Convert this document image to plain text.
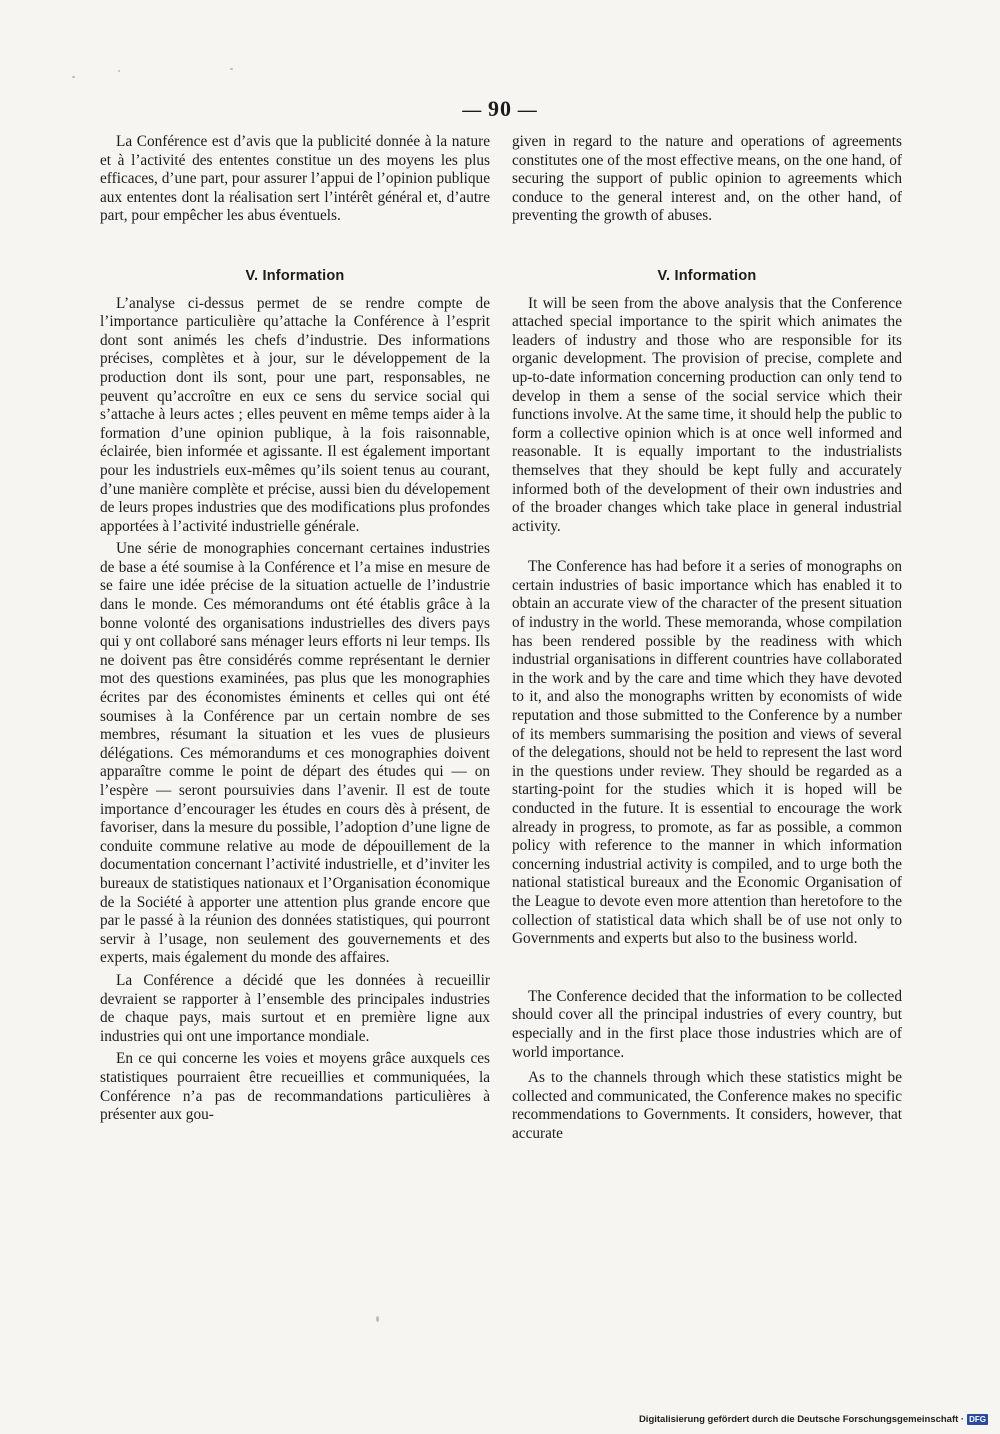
— 90 —

La Conférence est d’avis que la publicité donnée à la nature et à l’activité des ententes constitue un des moyens les plus efficaces, d’une part, pour assurer l’appui de l’opinion publique aux ententes dont la réalisation sert l’intérêt général et, d’autre part, pour empêcher les abus éventuels.

V. Information

L’analyse ci-dessus permet de se rendre compte de l’importance particulière qu’attache la Conférence à l’esprit dont sont animés les chefs d’industrie. Des informations précises, complètes et à jour, sur le développement de la production dont ils sont, pour une part, responsables, ne peuvent qu’accroître en eux ce sens du service social qui s’attache à leurs actes ; elles peuvent en même temps aider à la formation d’une opinion publique, à la fois raisonnable, éclairée, bien informée et agissante. Il est également important pour les industriels eux-mêmes qu’ils soient tenus au courant, d’une manière complète et précise, aussi bien du dévelopement de leurs propes industries que des modifications plus profondes apportées à l’activité industrielle générale.

Une série de monographies concernant certaines industries de base a été soumise à la Conférence et l’a mise en mesure de se faire une idée précise de la situation actuelle de l’industrie dans le monde. Ces mémorandums ont été établis grâce à la bonne volonté des organisations industrielles des divers pays qui y ont collaboré sans ménager leurs efforts ni leur temps. Ils ne doivent pas être considérés comme représentant le dernier mot des questions examinées, pas plus que les monographies écrites par des économistes éminents et celles qui ont été soumises à la Conférence par un certain nombre de ses membres, résumant la situation et les vues de plusieurs délégations. Ces mémorandums et ces monographies doivent apparaître comme le point de départ des études qui — on l’espère — seront poursuivies dans l’avenir. Il est de toute importance d’encourager les études en cours dès à présent, de favoriser, dans la mesure du possible, l’adoption d’une ligne de conduite commune relative au mode de dépouillement de la documentation concernant l’activité industrielle, et d’inviter les bureaux de statistiques nationaux et l’Organisation économique de la Société à apporter une attention plus grande encore que par le passé à la réunion des données statistiques, qui pourront servir à l’usage, non seulement des gouvernements et des experts, mais également du monde des affaires.

La Conférence a décidé que les données à recueillir devraient se rapporter à l’ensemble des principales industries de chaque pays, mais surtout et en première ligne aux industries qui ont une importance mondiale.

En ce qui concerne les voies et moyens grâce auxquels ces statistiques pourraient être recueillies et communiquées, la Conférence n’a pas de recommandations particulières à présenter aux gou-

given in regard to the nature and operations of agreements constitutes one of the most effective means, on the one hand, of securing the support of public opinion to agreements which conduce to the general interest and, on the other hand, of preventing the growth of abuses.

V. Information

It will be seen from the above analysis that the Conference attached special importance to the spirit which animates the leaders of industry and those who are responsible for its organic development. The provision of precise, complete and up-to-date information concerning production can only tend to develop in them a sense of the social service which their functions involve. At the same time, it should help the public to form a collective opinion which is at once well informed and reasonable. It is equally important to the industrialists themselves that they should be kept fully and accurately informed both of the development of their own industries and of the broader changes which take place in general industrial activity.

The Conference has had before it a series of monographs on certain industries of basic importance which has enabled it to obtain an accurate view of the character of the present situation of industry in the world. These memoranda, whose compilation has been rendered possible by the readiness with which industrial organisations in different countries have collaborated in the work and by the care and time which they have devoted to it, and also the monographs written by economists of wide reputation and those submitted to the Conference by a number of its members summarising the position and views of several of the delegations, should not be held to represent the last word in the questions under review. They should be regarded as a starting-point for the studies which it is hoped will be conducted in the future. It is essential to encourage the work already in progress, to promote, as far as possible, a common policy with reference to the manner in which information concerning industrial activity is compiled, and to urge both the national statistical bureaux and the Economic Organisation of the League to devote even more attention than heretofore to the collection of statistical data which shall be of use not only to Governments and experts but also to the business world.

The Conference decided that the information to be collected should cover all the principal industries of every country, but especially and in the first place those industries which are of world importance.

As to the channels through which these statistics might be collected and communicated, the Conference makes no specific recommendations to Governments. It considers, however, that accurate

Digitalisierung gefördert durch die Deutsche Forschungsgemeinschaft · DFG
